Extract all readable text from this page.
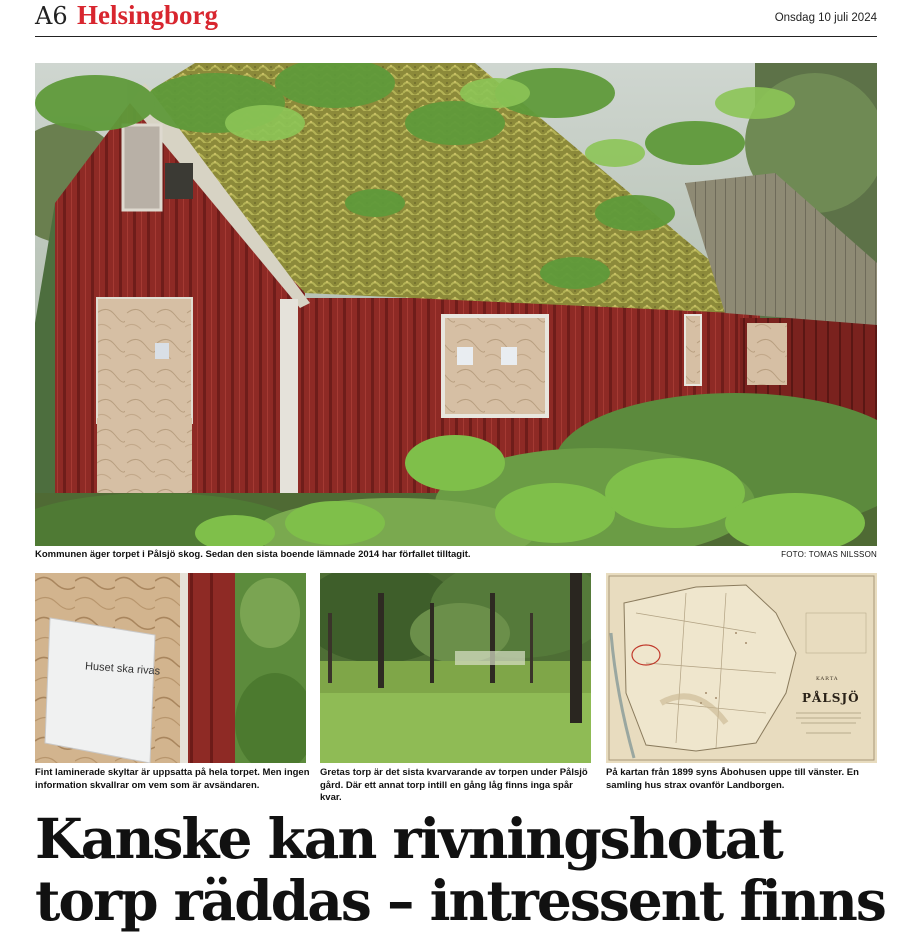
A6 Helsingborg	Onsdag 10 juli 2024
Kommunen äger torpet i Pålsjö skog. Sedan den sista boende lämnade 2014 har förfallet tilltagit.	FOTO: TOMAS NILSSON
Huset ska rivas
KARTA
PÅLSJÖ
Fint laminerade skyltar är uppsatta på hela torpet. Men ingen information skvallrar om vem som är avsändaren.
Gretas torp är det sista kvarvarande av torpen under Pålsjö gård. Där ett annat torp intill en gång låg finns inga spår kvar.
På kartan från 1899 syns Åbohusen uppe till vänster. En samling hus strax ovanför Landborgen.
Kanske kan rivningshotat
torp räddas – intressent finns
